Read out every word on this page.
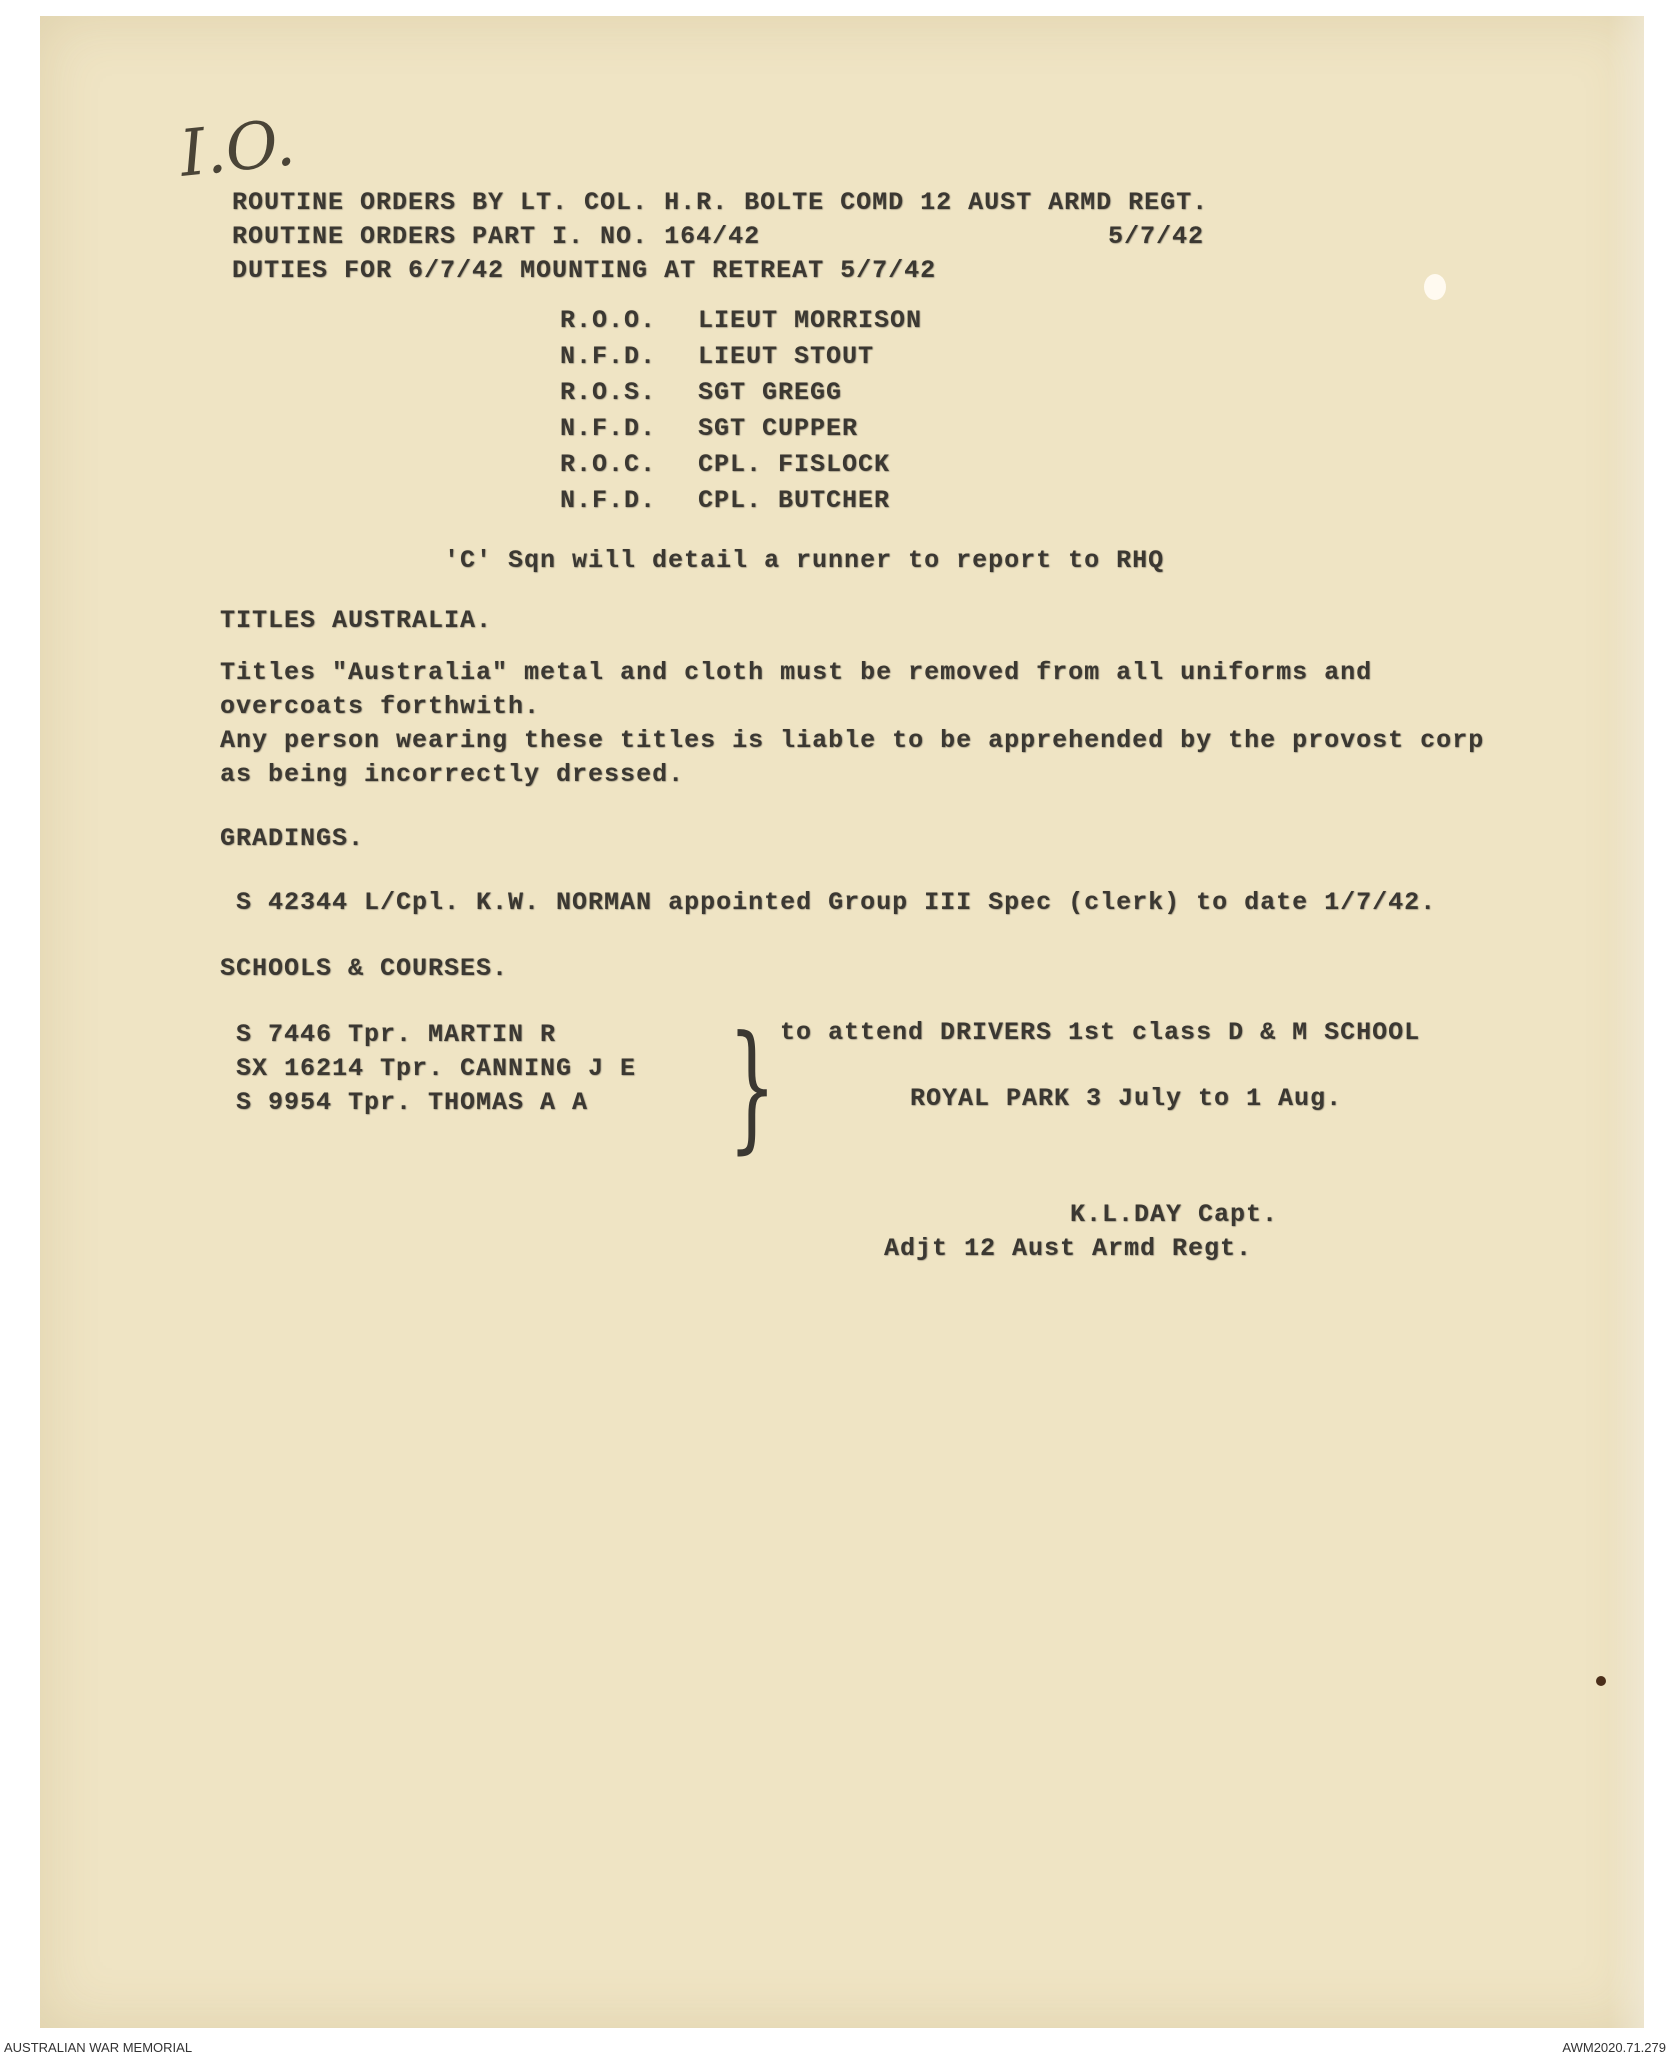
I.O.
ROUTINE ORDERS BY LT. COL. H.R. BOLTE COMD 12 AUST ARMD REGT.
ROUTINE ORDERS PART I. NO. 164/42	5/7/42
DUTIES FOR 6/7/42 MOUNTING AT RETREAT 5/7/42
R.O.O. LIEUT MORRISON
N.F.D. LIEUT STOUT
R.O.S. SGT GREGG
N.F.D. SGT CUPPER
R.O.C. CPL. FISLOCK
N.F.D. CPL. BUTCHER
'C' Sqn will detail a runner to report to RHQ
TITLES AUSTRALIA.
Titles "Australia" metal and cloth must be removed from all uniforms and
overcoats forthwith.
Any person wearing these titles is liable to be apprehended by the provost corp
as being incorrectly dressed.
GRADINGS.
S 42344 L/Cpl. K.W. NORMAN appointed Group III Spec (clerk) to date 1/7/42.
SCHOOLS & COURSES.
S 7446 Tpr. MARTIN R
SX 16214 Tpr. CANNING J E
S 9954 Tpr. THOMAS A A } to attend DRIVERS 1st class D & M SCHOOL
ROYAL PARK 3 July to 1 Aug.
K.L.DAY Capt.
Adjt 12 Aust Armd Regt.
AUSTRALIAN WAR MEMORIAL	AWM2020.71.279
